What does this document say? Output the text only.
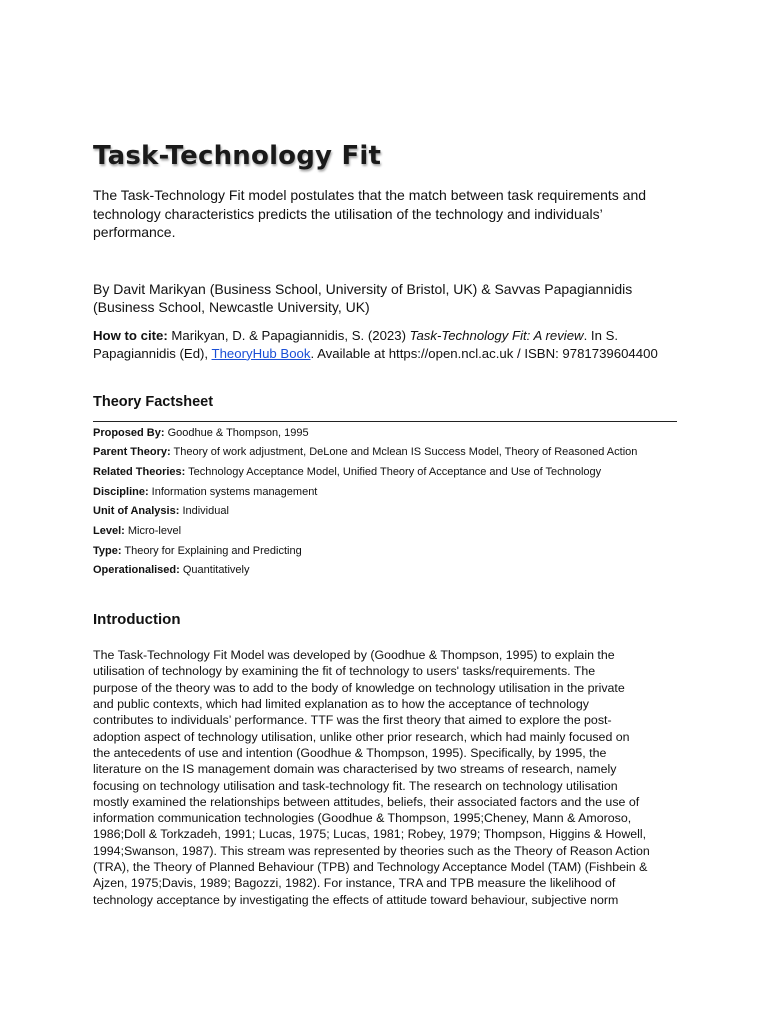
Task-Technology Fit

The Task-Technology Fit model postulates that the match between task requirements and technology characteristics predicts the utilisation of the technology and individuals’ performance.

By Davit Marikyan (Business School, University of Bristol, UK) & Savvas Papagiannidis (Business School, Newcastle University, UK)

How to cite: Marikyan, D. & Papagiannidis, S. (2023) Task-Technology Fit: A review. In S. Papagiannidis (Ed), TheoryHub Book. Available at https://open.ncl.ac.uk / ISBN: 9781739604400

Theory Factsheet
Proposed By: Goodhue & Thompson, 1995
Parent Theory: Theory of work adjustment, DeLone and Mclean IS Success Model, Theory of Reasoned Action
Related Theories: Technology Acceptance Model, Unified Theory of Acceptance and Use of Technology
Discipline: Information systems management
Unit of Analysis: Individual
Level: Micro-level
Type: Theory for Explaining and Predicting
Operationalised: Quantitatively
Introduction

The Task-Technology Fit Model was developed by (Goodhue & Thompson, 1995) to explain the
utilisation of technology by examining the fit of technology to users' tasks/requirements. The
purpose of the theory was to add to the body of knowledge on technology utilisation in the private
and public contexts, which had limited explanation as to how the acceptance of technology
contributes to individuals’ performance. TTF was the first theory that aimed to explore the post-
adoption aspect of technology utilisation, unlike other prior research, which had mainly focused on
the antecedents of use and intention (Goodhue & Thompson, 1995). Specifically, by 1995, the
literature on the IS management domain was characterised by two streams of research, namely
focusing on technology utilisation and task-technology fit. The research on technology utilisation
mostly examined the relationships between attitudes, beliefs, their associated factors and the use of
information communication technologies (Goodhue & Thompson, 1995;Cheney, Mann & Amoroso,
1986;Doll & Torkzadeh, 1991; Lucas, 1975; Lucas, 1981; Robey, 1979; Thompson, Higgins & Howell,
1994;Swanson, 1987). This stream was represented by theories such as the Theory of Reason Action
(TRA), the Theory of Planned Behaviour (TPB) and Technology Acceptance Model (TAM) (Fishbein &
Ajzen, 1975;Davis, 1989; Bagozzi, 1982). For instance, TRA and TPB measure the likelihood of
technology acceptance by investigating the effects of attitude toward behaviour, subjective norm
